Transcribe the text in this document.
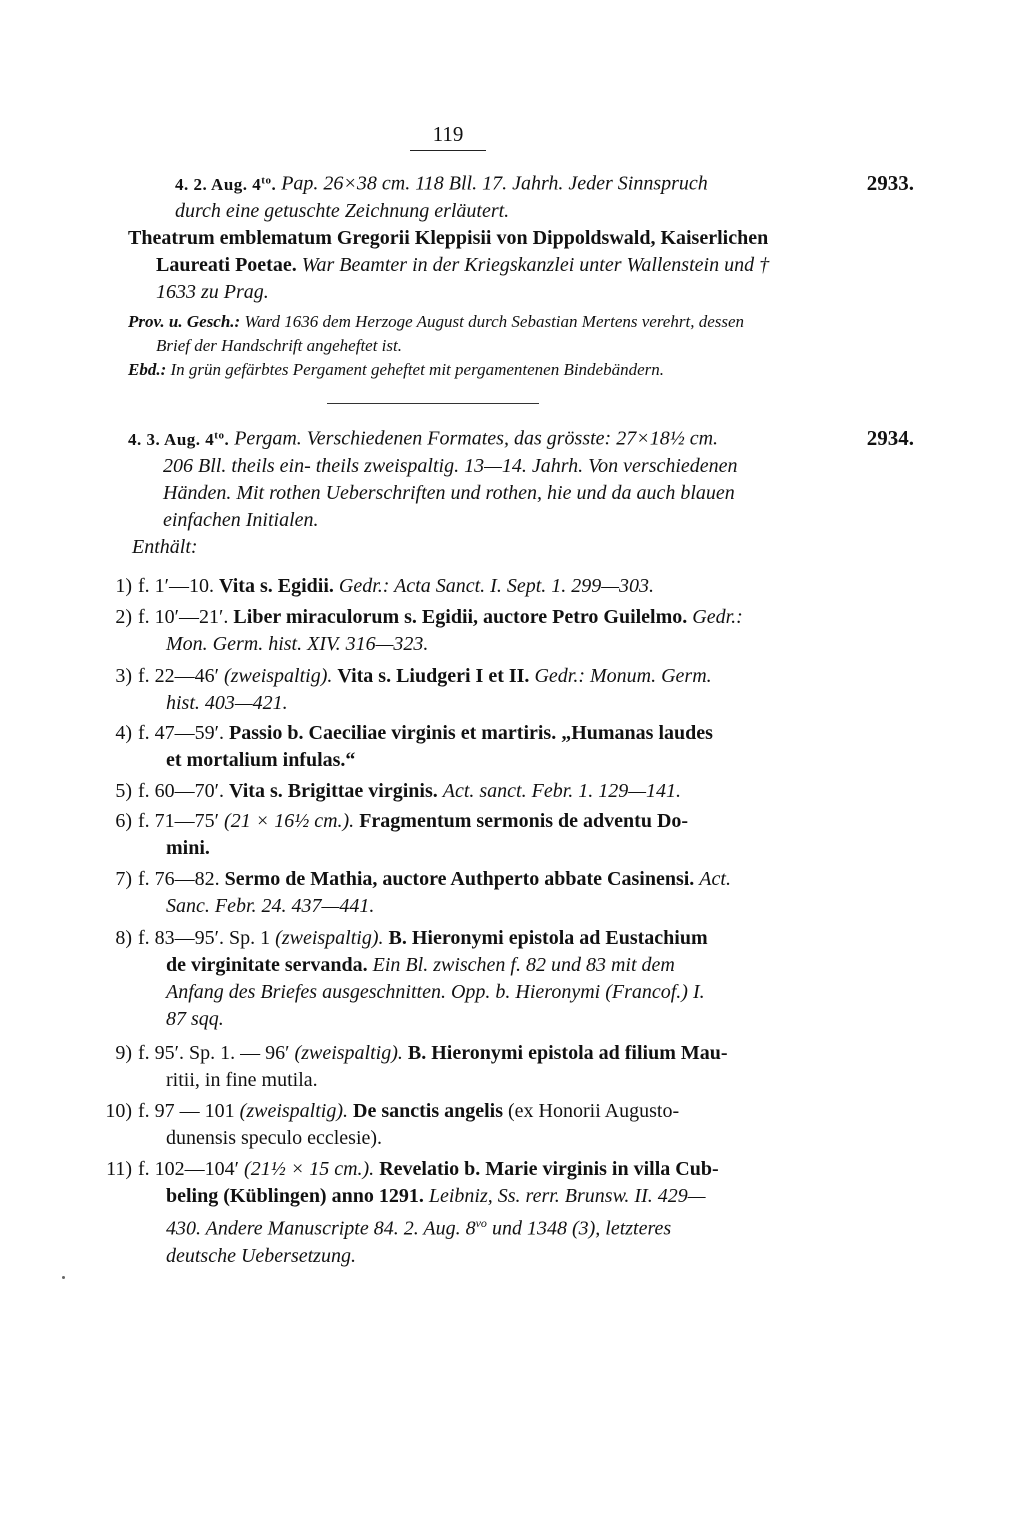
119
4. 2. Aug. $4^{to}$. Pap. 26×38 cm. 118 Bll. 17. Jahrh. Jeder Sinnspruch	2933.
durch eine getuschte Zeichnung erläutert.
Theatrum emblematum Gregorii Kleppisii von Dippoldswald, Kaiserlichen Laureati Poetae. War Beamter in der Kriegskanzlei unter Wallenstein und † 1633 zu Prag.
Prov. u. Gesch.: Ward 1636 dem Herzoge August durch Sebastian Mertens verehrt, dessen Brief der Handschrift angeheftet ist.
Ebd.: In grün gefärbtes Pergament geheftet mit pergamentenen Bindebändern.
4. 3. Aug. $4^{to}$. Pergam. Verschiedenen Formates, das grösste: 27×18½ cm.	2934.
206 Bll. theils ein- theils zweispaltig. 13—14. Jahrh. Von verschiedenen Händen. Mit rothen Ueberschriften und rothen, hie und da auch blauen einfachen Initialen.
Enthält:
1) f. 1′—10. Vita s. Egidii. Gedr.: Acta Sanct. I. Sept. 1. 299—303.
2) f. 10′—21′. Liber miraculorum s. Egidii, auctore Petro Guilelmo. Gedr.:
Mon. Germ. hist. XIV. 316—323.
3) f. 22—46′ (zweispaltig). Vita s. Liudgeri I et II. Gedr.: Monum. Germ.
hist. 403—421.
4) f. 47—59′. Passio b. Caeciliae virginis et martiris. „Humanas laudes
et mortalium infulas.“
5) f. 60—70′. Vita s. Brigittae virginis. Act. sanct. Febr. 1. 129—141.
6) f. 71—75′ (21 × 16½ cm.). Fragmentum sermonis de adventu Do-
mini.
7) f. 76—82. Sermo de Mathia, auctore Authperto abbate Casinensi. Act.
Sanc. Febr. 24. 437—441.
8) f. 83—95′. Sp. 1 (zweispaltig). B. Hieronymi epistola ad Eustachium
de virginitate servanda. Ein Bl. zwischen f. 82 und 83 mit dem
Anfang des Briefes ausgeschnitten. Opp. b. Hieronymi (Francof.) I.
87 sqq.
9) f. 95′. Sp. 1. — 96′ (zweispaltig). B. Hieronymi epistola ad filium Mau-
ritii, in fine mutila.
10) f. 97 — 101 (zweispaltig). De sanctis angelis (ex Honorii Augusto-
dunensis speculo ecclesie).
11) f. 102—104′ (21½ × 15 cm.). Revelatio b. Marie virginis in villa Cub-
beling (Küblingen) anno 1291. Leibniz, Ss. rerr. Brunsw. II. 429—
430. Andere Manuscripte 84. 2. Aug. $8^{vo}$ und 1348 (3), letzteres
deutsche Uebersetzung.
